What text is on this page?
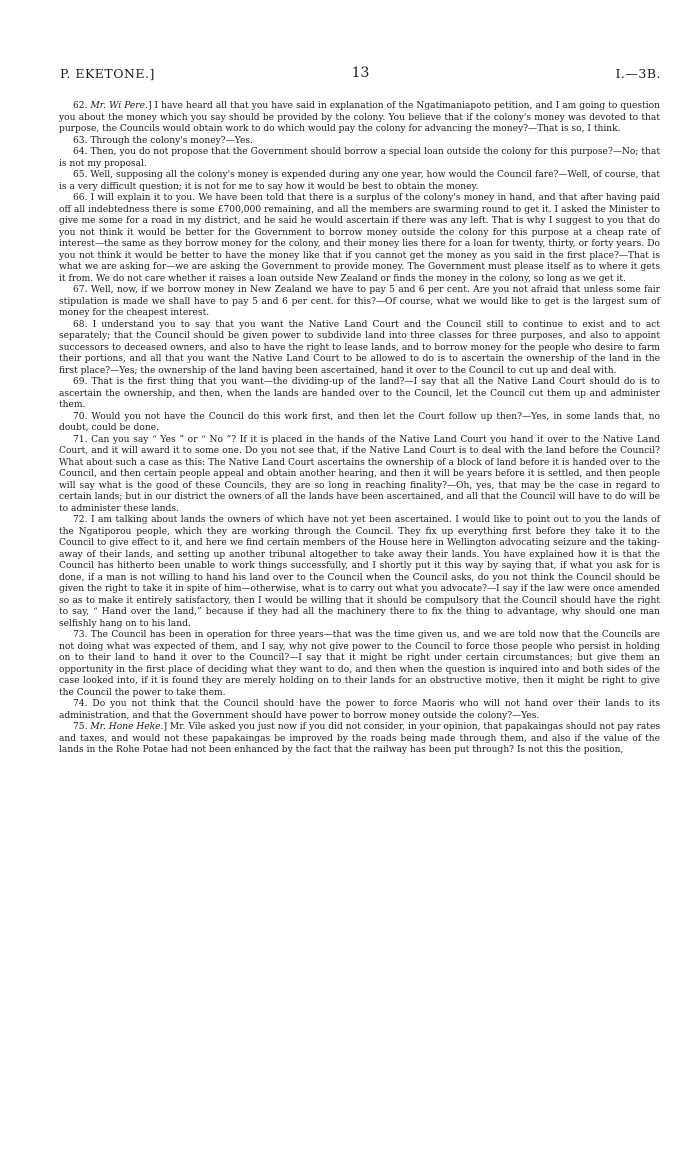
P. EKETONE.]	13	I.—3B.

62. Mr. Wi Pere.] I have heard all that you have said in explanation of the Ngatimaniapoto petition, and I am going to question you about the money which you say should be provided by the colony. You believe that if the colony's money was devoted to that purpose, the Councils would obtain work to do which would pay the colony for advancing the money?—That is so, I think.

63. Through the colony's money?—Yes.

64. Then, you do not propose that the Government should borrow a special loan outside the colony for this purpose?—No; that is not my proposal.

65. Well, supposing all the colony's money is expended during any one year, how would the Council fare?—Well, of course, that is a very difficult question; it is not for me to say how it would be best to obtain the money.

66. I will explain it to you. We have been told that there is a surplus of the colony's money in hand, and that after having paid off all indebtedness there is some £700,000 remaining, and all the members are swarming round to get it. I asked the Minister to give me some for a road in my district, and he said he would ascertain if there was any left. That is why I suggest to you that do you not think it would be better for the Government to borrow money outside the colony for this purpose at a cheap rate of interest—the same as they borrow money for the colony, and their money lies there for a loan for twenty, thirty, or forty years. Do you not think it would be better to have the money like that if you cannot get the money as you said in the first place?—That is what we are asking for—we are asking the Government to provide money. The Government must please itself as to where it gets it from. We do not care whether it raises a loan outside New Zealand or finds the money in the colony, so long as we get it.

67. Well, now, if we borrow money in New Zealand we have to pay 5 and 6 per cent. Are you not afraid that unless some fair stipulation is made we shall have to pay 5 and 6 per cent. for this?—Of course, what we would like to get is the largest sum of money for the cheapest interest.

68. I understand you to say that you want the Native Land Court and the Council still to continue to exist and to act separately; that the Council should be given power to subdivide land into three classes for three purposes, and also to appoint successors to deceased owners, and also to have the right to lease lands, and to borrow money for the people who desire to farm their portions, and all that you want the Native Land Court to be allowed to do is to ascertain the ownership of the land in the first place?—Yes; the ownership of the land having been ascertained, hand it over to the Council to cut up and deal with.

69. That is the first thing that you want—the dividing-up of the land?—I say that all the Native Land Court should do is to ascertain the ownership, and then, when the lands are handed over to the Council, let the Council cut them up and administer them.

70. Would you not have the Council do this work first, and then let the Court follow up then?—Yes, in some lands that, no doubt, could be done.

71. Can you say “ Yes ” or “ No ”? If it is placed in the hands of the Native Land Court you hand it over to the Native Land Court, and it will award it to some one. Do you not see that, if the Native Land Court is to deal with the land before the Council? What about such a case as this: The Native Land Court ascertains the ownership of a block of land before it is handed over to the Council, and then certain people appeal and obtain another hearing, and then it will be years before it is settled, and then people will say what is the good of these Councils, they are so long in reaching finality?—Oh, yes, that may be the case in regard to certain lands; but in our district the owners of all the lands have been ascertained, and all that the Council will have to do will be to administer these lands.

72. I am talking about lands the owners of which have not yet been ascertained. I would like to point out to you the lands of the Ngatiporou people, which they are working through the Council. They fix up everything first before they take it to the Council to give effect to it, and here we find certain members of the House here in Wellington advocating seizure and the taking-away of their lands, and setting up another tribunal altogether to take away their lands. You have explained how it is that the Council has hitherto been unable to work things successfully, and I shortly put it this way by saying that, if what you ask for is done, if a man is not willing to hand his land over to the Council when the Council asks, do you not think the Council should be given the right to take it in spite of him—otherwise, what is to carry out what you advocate?—I say if the law were once amended so as to make it entirely satisfactory, then I would be willing that it should be compulsory that the Council should have the right to say, “ Hand over the land,” because if they had all the machinery there to fix the thing to advantage, why should one man selfishly hang on to his land.

73. The Council has been in operation for three years—that was the time given us, and we are told now that the Councils are not doing what was expected of them, and I say, why not give power to the Council to force those people who persist in holding on to their land to hand it over to the Council?—I say that it might be right under certain circumstances; but give them an opportunity in the first place of deciding what they want to do, and then when the question is inquired into and both sides of the case looked into, if it is found they are merely holding on to their lands for an obstructive motive, then it might be right to give the Council the power to take them.

74. Do you not think that the Council should have the power to force Maoris who will not hand over their lands to its administration, and that the Government should have power to borrow money outside the colony?—Yes.

75. Mr. Hone Heke.] Mr. Vile asked you just now if you did not consider, in your opinion, that papakaingas should not pay rates and taxes, and would not these papakaingas be improved by the roads being made through them, and also if the value of the lands in the Rohe Potae had not been enhanced by the fact that the railway has been put through? Is not this the position,
